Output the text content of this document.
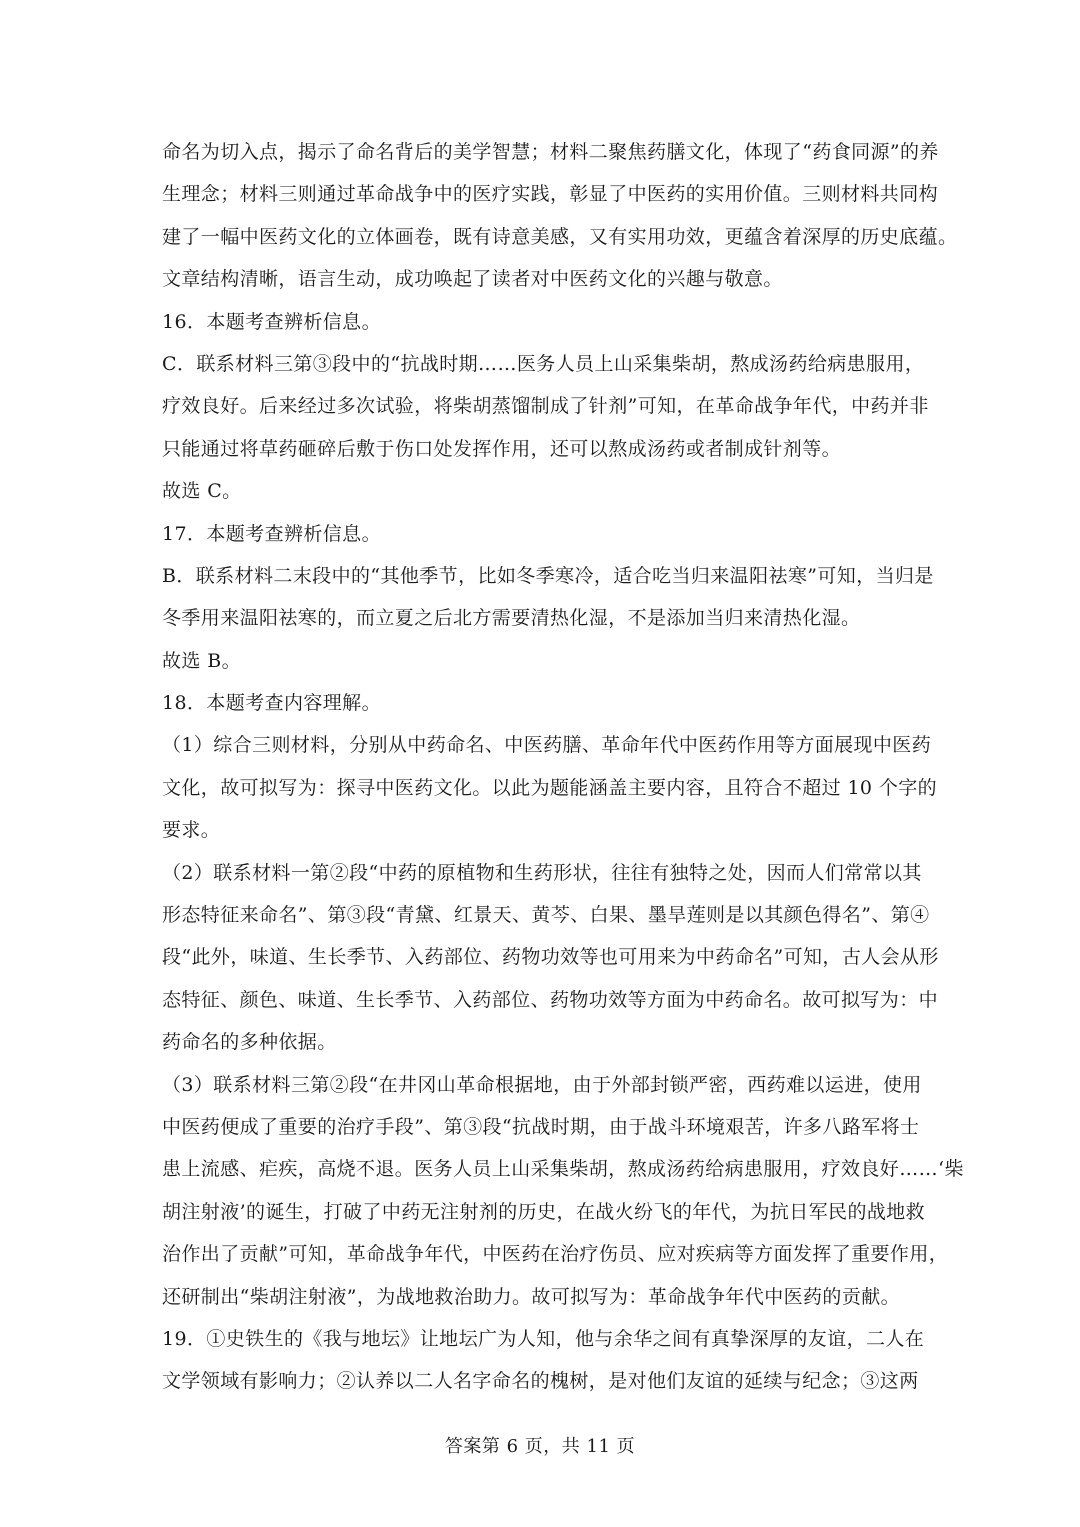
命名为切入点，揭示了命名背后的美学智慧；材料二聚焦药膳文化，体现了“药食同源”的养
生理念；材料三则通过革命战争中的医疗实践，彰显了中医药的实用价值。三则材料共同构
建了一幅中医药文化的立体画卷，既有诗意美感，又有实用功效，更蕴含着深厚的历史底蕴。
文章结构清晰，语言生动，成功唤起了读者对中医药文化的兴趣与敬意。
16．本题考查辨析信息。
C．联系材料三第③段中的“抗战时期……医务人员上山采集柴胡，熬成汤药给病患服用，
疗效良好。后来经过多次试验，将柴胡蒸馏制成了针剂”可知，在革命战争年代，中药并非
只能通过将草药砸碎后敷于伤口处发挥作用，还可以熬成汤药或者制成针剂等。
故选 C。
17．本题考查辨析信息。
B．联系材料二末段中的“其他季节，比如冬季寒冷，适合吃当归来温阳祛寒”可知，当归是
冬季用来温阳祛寒的，而立夏之后北方需要清热化湿，不是添加当归来清热化湿。
故选 B。
18．本题考查内容理解。
（1）综合三则材料，分别从中药命名、中医药膳、革命年代中医药作用等方面展现中医药
文化，故可拟写为：探寻中医药文化。以此为题能涵盖主要内容，且符合不超过 10 个字的
要求。
（2）联系材料一第②段“中药的原植物和生药形状，往往有独特之处，因而人们常常以其
形态特征来命名”、第③段“青黛、红景天、黄芩、白果、墨旱莲则是以其颜色得名”、第④
段“此外，味道、生长季节、入药部位、药物功效等也可用来为中药命名”可知，古人会从形
态特征、颜色、味道、生长季节、入药部位、药物功效等方面为中药命名。故可拟写为：中
药命名的多种依据。
（3）联系材料三第②段“在井冈山革命根据地，由于外部封锁严密，西药难以运进，使用
中医药便成了重要的治疗手段”、第③段“抗战时期，由于战斗环境艰苦，许多八路军将士
患上流感、疟疾，高烧不退。医务人员上山采集柴胡，熬成汤药给病患服用，疗效良好……‘柴
胡注射液’的诞生，打破了中药无注射剂的历史，在战火纷飞的年代，为抗日军民的战地救
治作出了贡献”可知，革命战争年代，中医药在治疗伤员、应对疾病等方面发挥了重要作用，
还研制出“柴胡注射液”，为战地救治助力。故可拟写为：革命战争年代中医药的贡献。
19．①史铁生的《我与地坛》让地坛广为人知，他与余华之间有真挚深厚的友谊，二人在
文学领域有影响力；②认养以二人名字命名的槐树，是对他们友谊的延续与纪念；③这两
答案第 6 页，共 11 页
